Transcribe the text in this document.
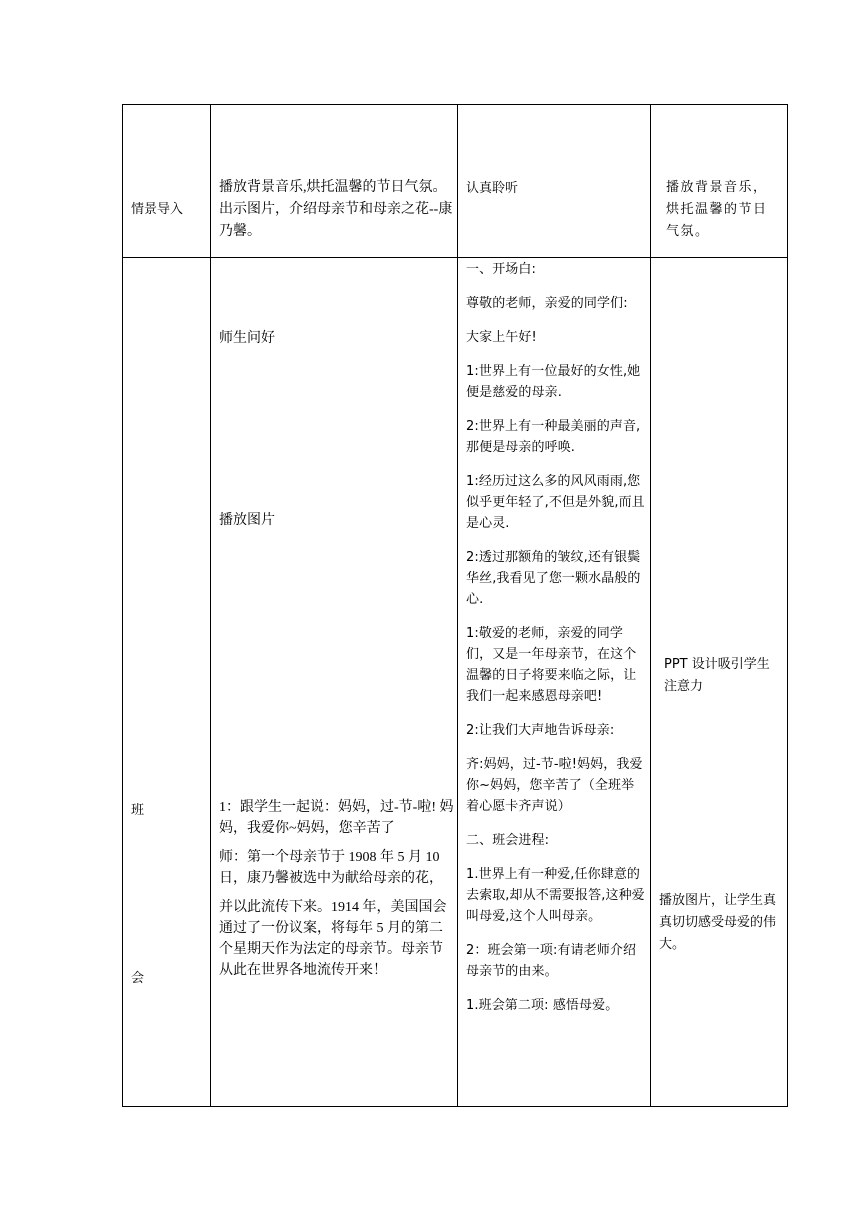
情景导入
播放背景音乐,烘托温馨的节日气氛。出示图片，介绍母亲节和母亲之花--康乃馨。
认真聆听	播放背景音乐，烘托温馨的节日气氛。
班
会
师生问好
播放图片

1：跟学生一起说：妈妈，过-节-啦! 妈妈，我爱你~妈妈，您辛苦了

师：第一个母亲节于 1908 年 5 月 10 日，康乃馨被选中为献给母亲的花，

并以此流传下来。1914 年，美国国会通过了一份议案，将每年 5 月的第二个星期天作为法定的母亲节。母亲节从此在世界各地流传开来！

一、开场白:

尊敬的老师，亲爱的同学们:

大家上午好!

1:世界上有一位最好的女性,她便是慈爱的母亲.

2:世界上有一种最美丽的声音,那便是母亲的呼唤.

1:经历过这么多的风风雨雨,您似乎更年轻了,不但是外貌,而且是心灵.

2:透过那额角的皱纹,还有银鬓华丝,我看见了您一颗水晶般的心.

1:敬爱的老师，亲爱的同学们，又是一年母亲节，在这个温馨的日子将要来临之际，让我们一起来感恩母亲吧!

2:让我们大声地告诉母亲:

齐:妈妈，过-节-啦!妈妈，我爱你~妈妈，您辛苦了（全班举着心愿卡齐声说）

二、班会进程:

1.世界上有一种爱,任你肆意的去索取,却从不需要报答,这种爱叫母爱,这个人叫母亲。

2：班会第一项:有请老师介绍母亲节的由来。

1.班会第二项: 感悟母爱。

PPT 设计吸引学生注意力
播放图片，让学生真真切切感受母爱的伟大。
